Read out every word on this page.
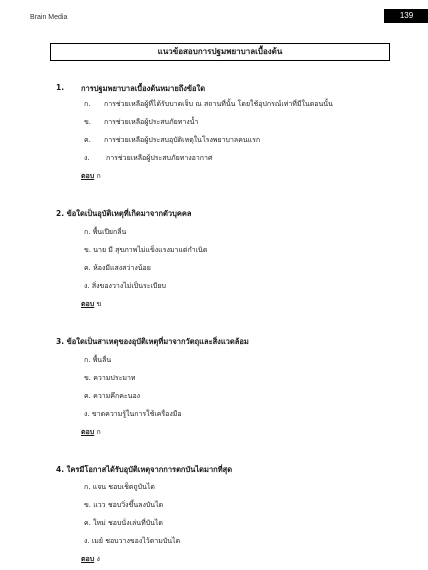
Brain Media	139
แนวข้อสอบการปฐมพยาบาลเบื้องต้น
1. การปฐมพยาบาลเบื้องต้นหมายถึงข้อใด
ก. การช่วยเหลือผู้ที่ได้รับบาดเจ็บ ณ สถานที่นั้น โดยใช้อุปกรณ์เท่าที่มีในตอนนั้น
ข. การช่วยเหลือผู้ประสบภัยทางน้ำ
ค. การช่วยเหลือผู้ประสบอุบัติเหตุในโรงพยาบาลคนแรก
ง. การช่วยเหลือผู้ประสบภัยทางอากาศ
ตอบ ก
2. ข้อใดเป็นอุบัติเหตุที่เกิดมาจากตัวบุคคล
ก. พื้นเปียกลื่น
ข. นาย มี สุขภาพไม่แข็งแรงมาแต่กำเนิด
ค. ห้องมีแสงสว่างน้อย
ง. สิ่งของวางไม่เป็นระเบียบ
ตอบ ข
3. ข้อใดเป็นสาเหตุของอุบัติเหตุที่มาจากวัตถุและสิ่งแวดล้อม
ก. พื้นลื่น
ข. ความประมาท
ค. ความคึกคะนอง
ง. ขาดความรู้ในการใช้เครื่องมือ
ตอบ ก
4. ใครมีโอกาสได้รับอุบัติเหตุจากการตกบันไดมากที่สุด
ก. แจน ชอบเช็ดถูบันได
ข. แวว ชอบวิ่งขึ้นลงบันได
ค. ใหม่ ชอบนั่งเล่นที่บันได
ง. เมย์ ชอบวางของไว้ตามบันได
ตอบ ง
